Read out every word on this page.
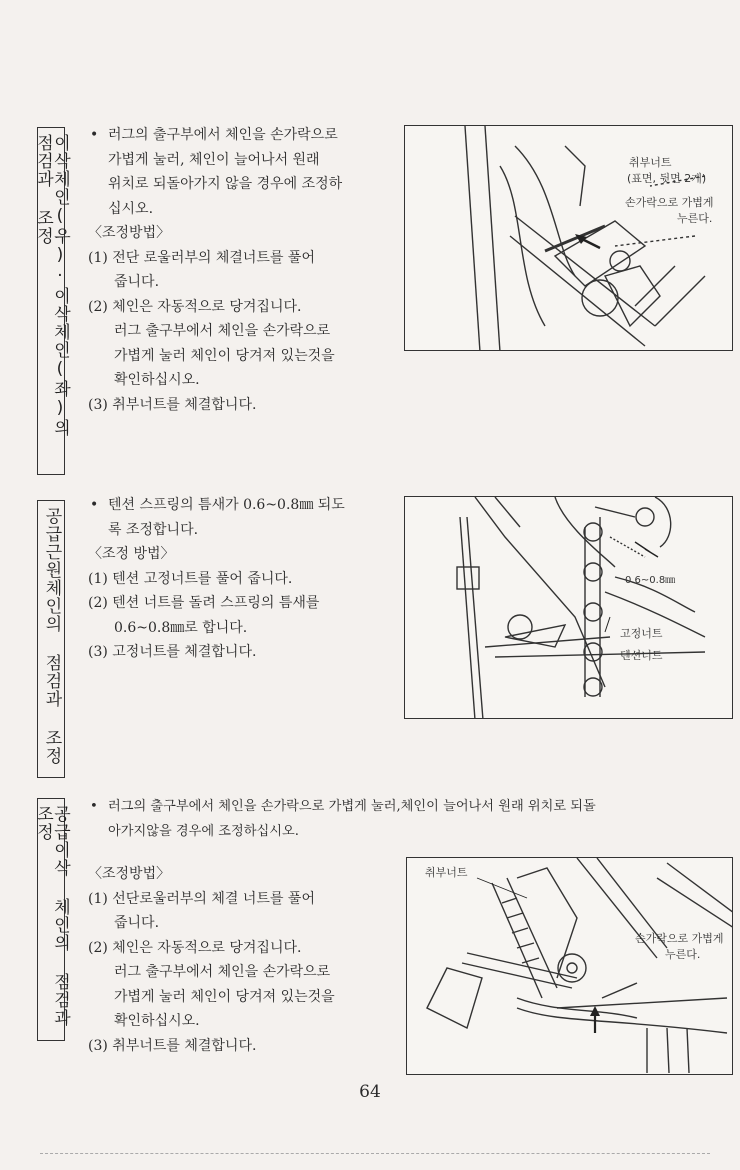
이삭체인(우)·이삭체인(좌)의 점검과 조정	• 러그의 출구부에서 체인을 손가락으로

가볍게 눌러, 체인이 늘어나서 원래

위치로 되돌아가지 않을 경우에 조정하

십시오.

〈조정방법〉

(1) 전단 로울러부의 체결너트를 풀어

줍니다.

(2) 체인은 자동적으로 당겨집니다.

러그 출구부에서 체인을 손가락으로

가볍게 눌러 체인이 당겨져 있는것을

확인하십시오.

(3) 취부너트를 체결합니다.

취부너트
(표면, 뒷면 2개)
손가락으로 가볍게
누른다.
공급근원체인의 점검과 조정

• 텐션 스프링의 틈새가 0.6~0.8㎜ 되도

록 조정합니다.

〈조정 방법〉

(1) 텐션 고정너트를 풀어 줍니다.

(2) 텐션 너트를 돌려 스프링의 틈새를

0.6~0.8㎜로 합니다.

(3) 고정너트를 체결합니다.

0.6~0.8㎜
고정너트
텐션너트
공급이삭 체인의 점검과 조정	• 러그의 출구부에서 체인을 손가락으로 가볍게 눌러,체인이 늘어나서 원래 위치로 되돌

아가지않을 경우에 조정하십시오.

〈조정방법〉

(1) 선단로울러부의 체결 너트를 풀어

줍니다.

(2) 체인은 자동적으로 당겨집니다.

러그 출구부에서 체인을 손가락으로

가볍게 눌러 체인이 당겨져 있는것을

확인하십시오.

(3) 취부너트를 체결합니다.

취부너트
손가락으로 가볍게
누른다.
64
